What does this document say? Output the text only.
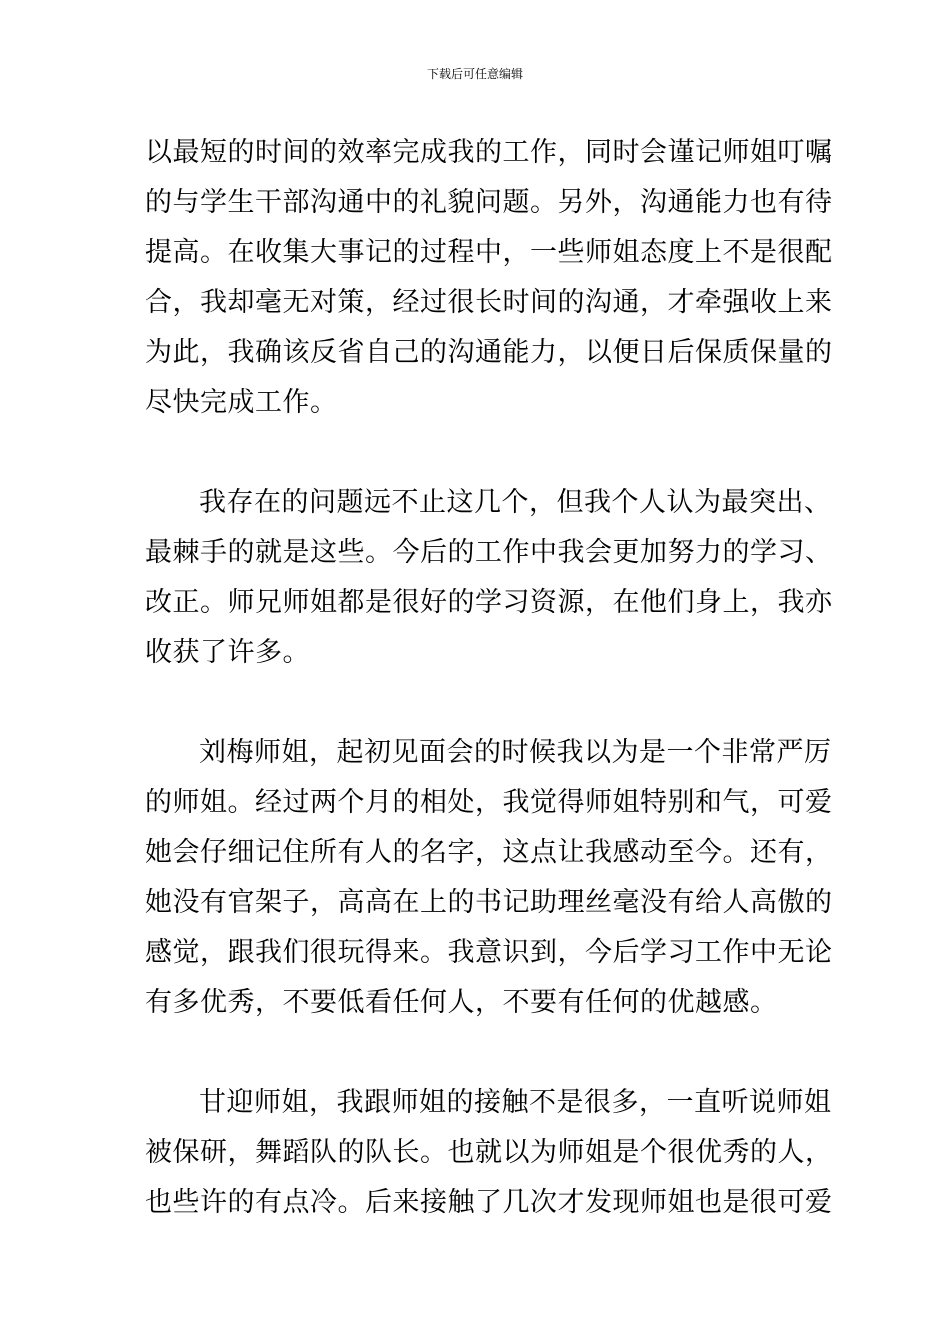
下载后可任意编辑

以最短的时间的效率完成我的工作，同时会谨记师姐叮嘱
的与学生干部沟通中的礼貌问题。另外，沟通能力也有待
提高。在收集大事记的过程中，一些师姐态度上不是很配
合，我却毫无对策，经过很长时间的沟通，才牵强收上来
为此，我确该反省自己的沟通能力，以便日后保质保量的
尽快完成工作。

我存在的问题远不止这几个，但我个人认为最突出、
最棘手的就是这些。今后的工作中我会更加努力的学习、
改正。师兄师姐都是很好的学习资源，在他们身上，我亦
收获了许多。

刘梅师姐，起初见面会的时候我以为是一个非常严厉
的师姐。经过两个月的相处，我觉得师姐特别和气，可爱
她会仔细记住所有人的名字，这点让我感动至今。还有，
她没有官架子，高高在上的书记助理丝毫没有给人高傲的
感觉，跟我们很玩得来。我意识到，今后学习工作中无论
有多优秀，不要低看任何人，不要有任何的优越感。

甘迎师姐，我跟师姐的接触不是很多，一直听说师姐
被保研，舞蹈队的队长。也就以为师姐是个很优秀的人，
也些许的有点冷。后来接触了几次才发现师姐也是很可爱
